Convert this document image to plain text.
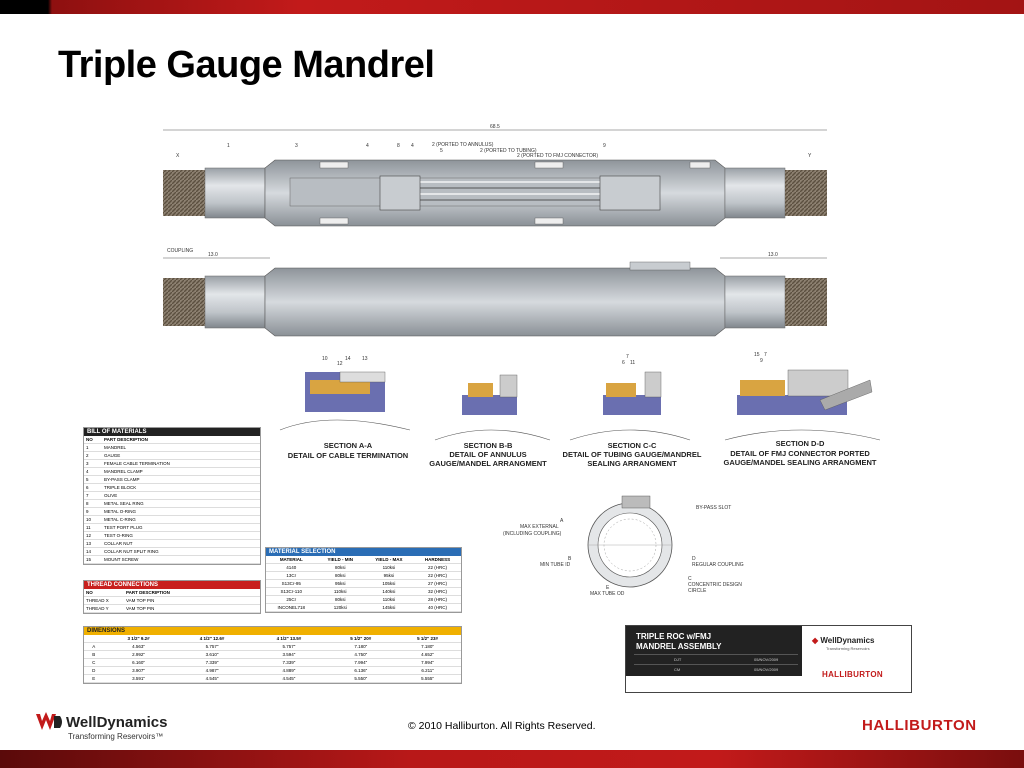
Triple Gauge Mandrel
68.5
X
1	3	4	8 4	2 (PORTED TO ANNULUS)
5	2 (PORTED TO TUBING)
2 (PORTED TO FMJ CONNECTOR)
9
Y
COUPLING
13.0	13.0
10
12
14 13	7
6 11
15 7
9
SECTION A-A
DETAIL OF CABLE TERMINATION
SECTION B-B
DETAIL OF ANNULUS
GAUGE/MANDEL ARRANGMENT
SECTION C-C
DETAIL OF TUBING GAUGE/MANDREL
SEALING ARRANGMENT
SECTION D-D
DETAIL OF FMJ CONNECTOR PORTED
GAUGE/MANDEL SEALING ARRANGMENT
BY-PASS SLOT
A
MAX EXTERNAL
(INCLUDING COUPLING)
B
MIN TUBE ID
D
REGULAR COUPLING
C
CONCENTRIC DESIGN
CIRCLE
E
MAX TUBE OD
BILL OF MATERIALS
NO	PART DESCRIPTION
1	MANDREL
2	GAUGE
3	FEMALE CABLE TERMINATION
4	MANDREL CLAMP
5	BY-PASS CLAMP
6	TRIPLE BLOCK
7	OLIVE
8	METAL SEAL RING
9	METAL O-RING
10	METAL C-RING
11	TEST PORT PLUG
12	TEST O-RING
13	COLLAR NUT
14	COLLAR NUT SPLIT RING
15	MOUNT SCREW
THREAD CONNECTIONS
NO	PART DESCRIPTION
THREAD X	VAM TOP PIN
THREAD Y	VAM TOP PIN
MATERIAL SELECTION
MATERIAL	YIELD - MIN	YIELD - MAX	HARDNESS
4140	80ksi	110ksi	22 (HRC)
13Cr	80ksi	95ksi	22 (HRC)
S13Cr-95	95ksi	105ksi	27 (HRC)
S13Cr-110	110ksi	140ksi	32 (HRC)
25Cr	80ksi	110ksi	28 (HRC)
INCONEL718	120ksi	145ksi	40 (HRC)
DIMENSIONS
	3 1/2" 9.2#	4 1/2" 12.6#	4 1/2" 13.5#	5 1/2" 20#	5 1/2" 23#
A	4.563"	5.757"	5.757"	7.180"	7.180"
B	2.992"	3.610"	3.594"	4.750"	4.652"
C	6.160"	7.339"	7.339"	7.994"	7.994"
D	3.907"	4.987"	4.889"	6.136"	6.211"
E	3.591"	4.545"	4.545"	5.550"	5.555"
TRIPLE ROC w/FMJ
MANDREL ASSEMBLY
DJT	05/NOV/2009
CM	05/NOV/2009
◆ WellDynamics
Transforming Reservoirs
HALLIBURTON
WellDynamics
Transforming Reservoirs™
© 2010 Halliburton. All Rights Reserved.	HALLIBURTON
